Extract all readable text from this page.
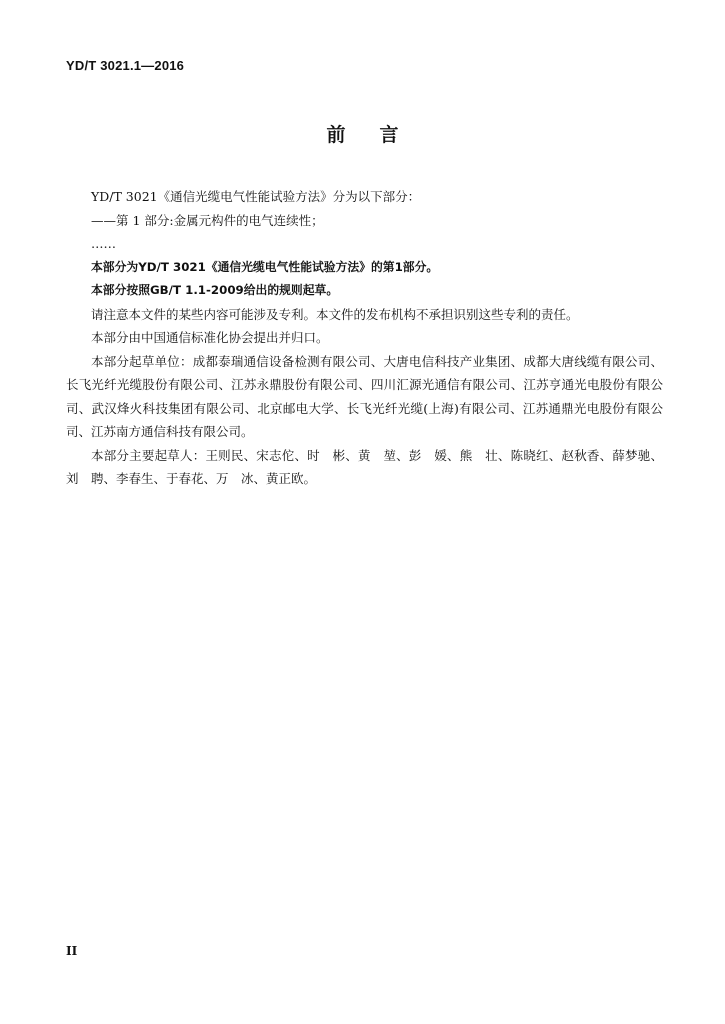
YD/T 3021.1—2016
前言

YD/T 3021《通信光缆电气性能试验方法》分为以下部分：

——第 1 部分:金属元构件的电气连续性；

……

本部分为YD/T 3021《通信光缆电气性能试验方法》的第1部分。

本部分按照GB/T 1.1-2009给出的规则起草。

请注意本文件的某些内容可能涉及专利。本文件的发布机构不承担识别这些专利的责任。

本部分由中国通信标准化协会提出并归口。

本部分起草单位：成都泰瑞通信设备检测有限公司、大唐电信科技产业集团、成都大唐线缆有限公司、长飞光纤光缆股份有限公司、江苏永鼎股份有限公司、四川汇源光通信有限公司、江苏亨通光电股份有限公司、武汉烽火科技集团有限公司、北京邮电大学、长飞光纤光缆(上海)有限公司、江苏通鼎光电股份有限公司、江苏南方通信科技有限公司。

本部分主要起草人：王则民、宋志佗、时　彬、黄　堃、彭　媛、熊　壮、陈晓红、赵秋香、薛梦驰、刘　聘、李春生、于春花、万　冰、黄正欧。

II
